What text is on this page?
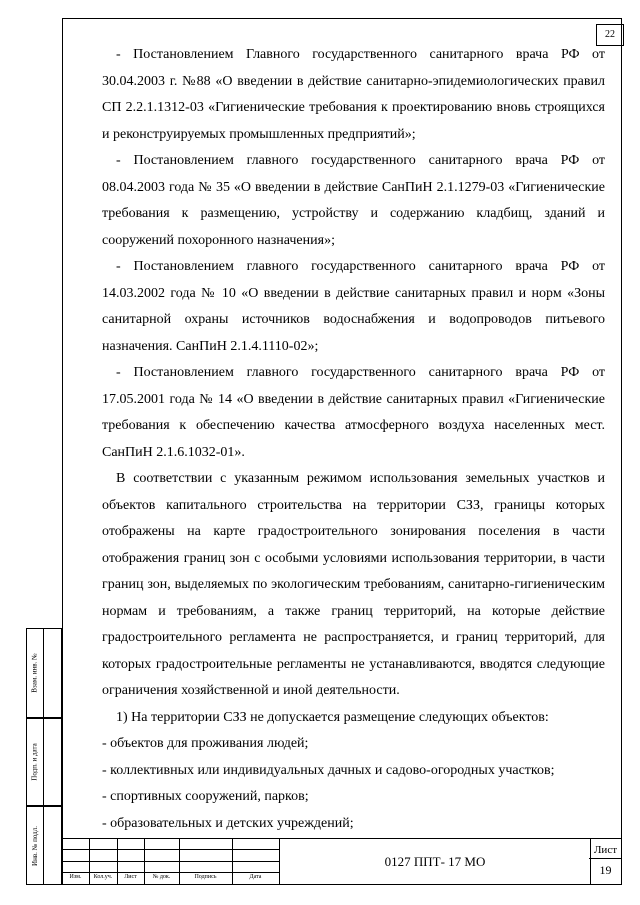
22

- Постановлением Главного государственного санитарного врача РФ от 30.04.2003 г. №88 «О введении в действие санитарно-эпидемиологических правил СП 2.2.1.1312-03 «Гигиенические требования к проектированию вновь строящихся и реконструируемых промышленных предприятий»;

- Постановлением главного государственного санитарного врача РФ от 08.04.2003 года № 35 «О введении в действие СанПиН 2.1.1279-03 «Гигиенические требования к размещению, устройству и содержанию кладбищ, зданий и сооружений похоронного назначения»;

- Постановлением главного государственного санитарного врача РФ от 14.03.2002 года № 10 «О введении в действие санитарных правил и норм «Зоны санитарной охраны источников водоснабжения и водопроводов питьевого назначения. СанПиН 2.1.4.1110-02»;

- Постановлением главного государственного санитарного врача РФ от 17.05.2001 года № 14 «О введении в действие санитарных правил «Гигиенические требования к обеспечению качества атмосферного воздуха населенных мест. СанПиН 2.1.6.1032-01».

В соответствии с указанным режимом использования земельных участков и объектов капитального строительства на территории СЗЗ, границы которых отображены на карте градостроительного зонирования поселения в части отображения границ зон с особыми условиями использования территории, в части границ зон, выделяемых по экологическим требованиям, санитарно-гигиеническим нормам и требованиям, а также границ территорий, на которые действие градостроительного регламента не распространяется, и границ территорий, для которых градостроительные регламенты не устанавливаются, вводятся следующие ограничения хозяйственной и иной деятельности.

1) На территории СЗЗ не допускается размещение следующих объектов:

- объектов для проживания людей;

- коллективных или индивидуальных дачных и садово-огородных участков;

- спортивных сооружений, парков;

- образовательных и детских учреждений;

Взам. инв. №
Подп. и дата
Инв. № подл.
Изм.	Кол.уч.	Лист	№ док.	Подпись	Дата
0127 ППТ- 17 МО
Лист
19
